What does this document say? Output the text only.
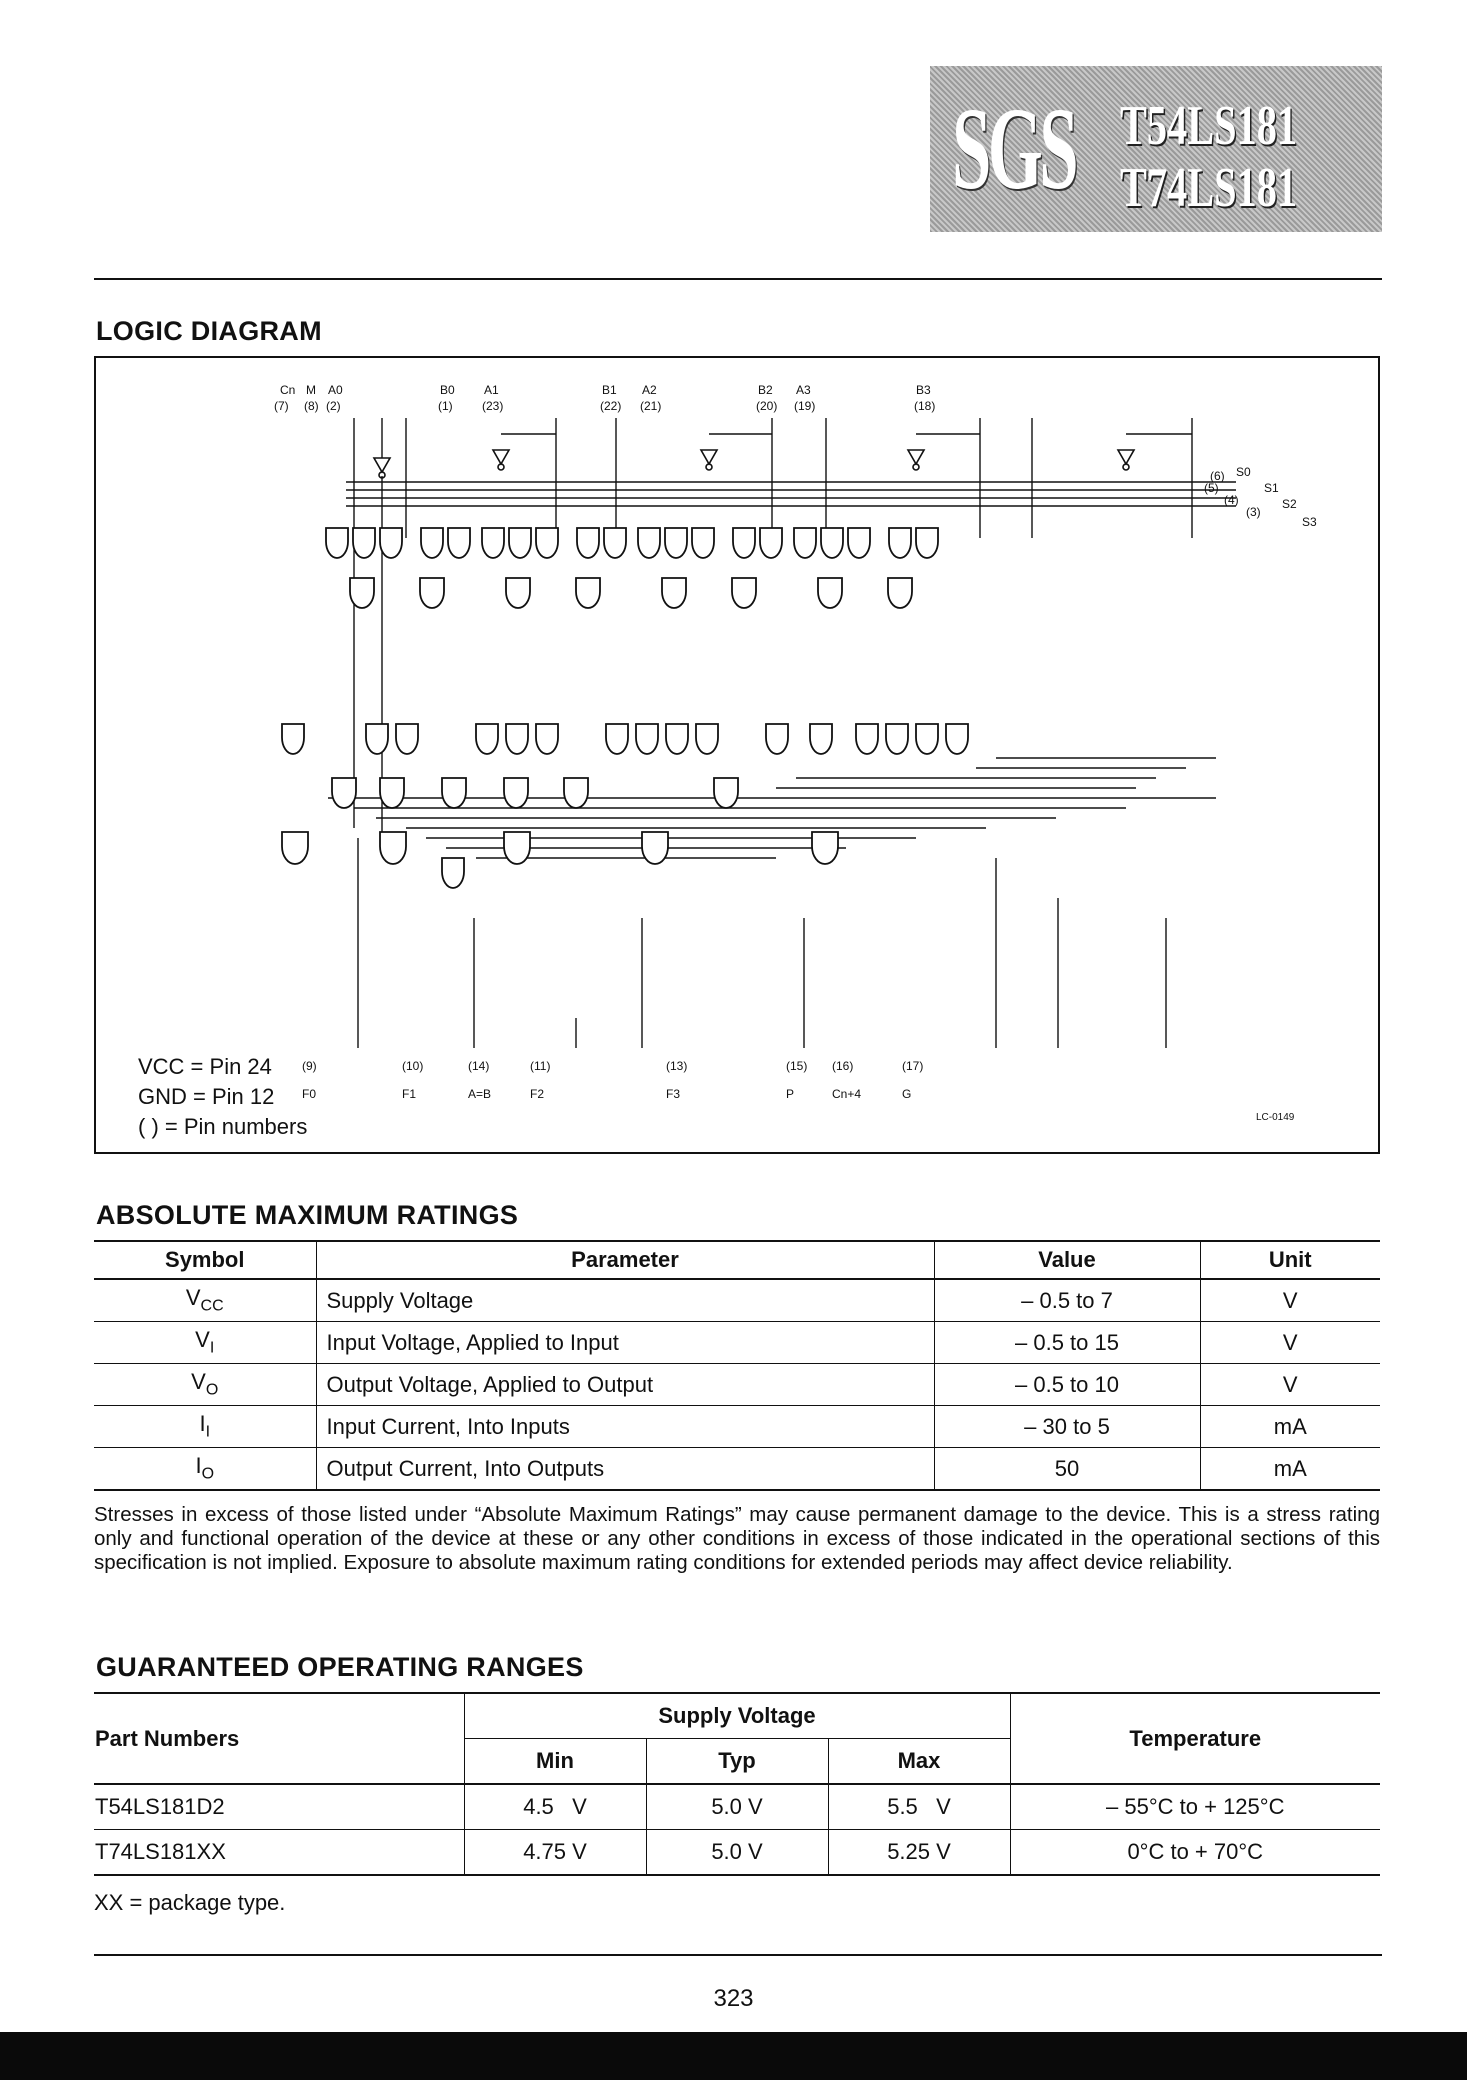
SGS T54LS181
T74LS181
LOGIC DIAGRAM
Cn
(7)
M
(8)
A0
(2)
B0
(1)
A1
(23)
B1
(22)
A2
(21)
B2
(20)
A3
(19)
B3
(18)
(6)
(5)
(4)
(3)
S0
S1
S2
S3
(9)
F0
(10)
F1
(14)
A=B
(11)
F2
(13)
F3
(15)
P
(16)
Cn+4
(17)
G
LC-0149
VCC = Pin 24
GND = Pin 12
( ) = Pin numbers
ABSOLUTE MAXIMUM RATINGS
Symbol	Parameter	Value	Unit
$V_{CC}$	Supply Voltage	– 0.5 to 7	V
$V_I$	Input Voltage, Applied to Input	– 0.5 to 15	V
$V_O$	Output Voltage, Applied to Output	– 0.5 to 10	V
$I_I$	Input Current, Into Inputs	– 30 to 5	mA
$I_O$	Output Current, Into Outputs	50	mA
Stresses in excess of those listed under “Absolute Maximum Ratings” may cause permanent damage to the device. This is a stress rating only and functional operation of the device at these or any other conditions in excess of those indicated in the operational sections of this specification is not implied. Exposure to absolute maximum rating conditions for extended periods may affect device reliability.
GUARANTEED OPERATING RANGES
Part Numbers	Supply Voltage			Temperature
	Min	Typ	Max	
T54LS181D2	4.5   V	5.0 V	5.5   V	– 55°C to + 125°C
T74LS181XX	4.75 V	5.0 V	5.25 V	0°C to + 70°C
XX = package type.
323
